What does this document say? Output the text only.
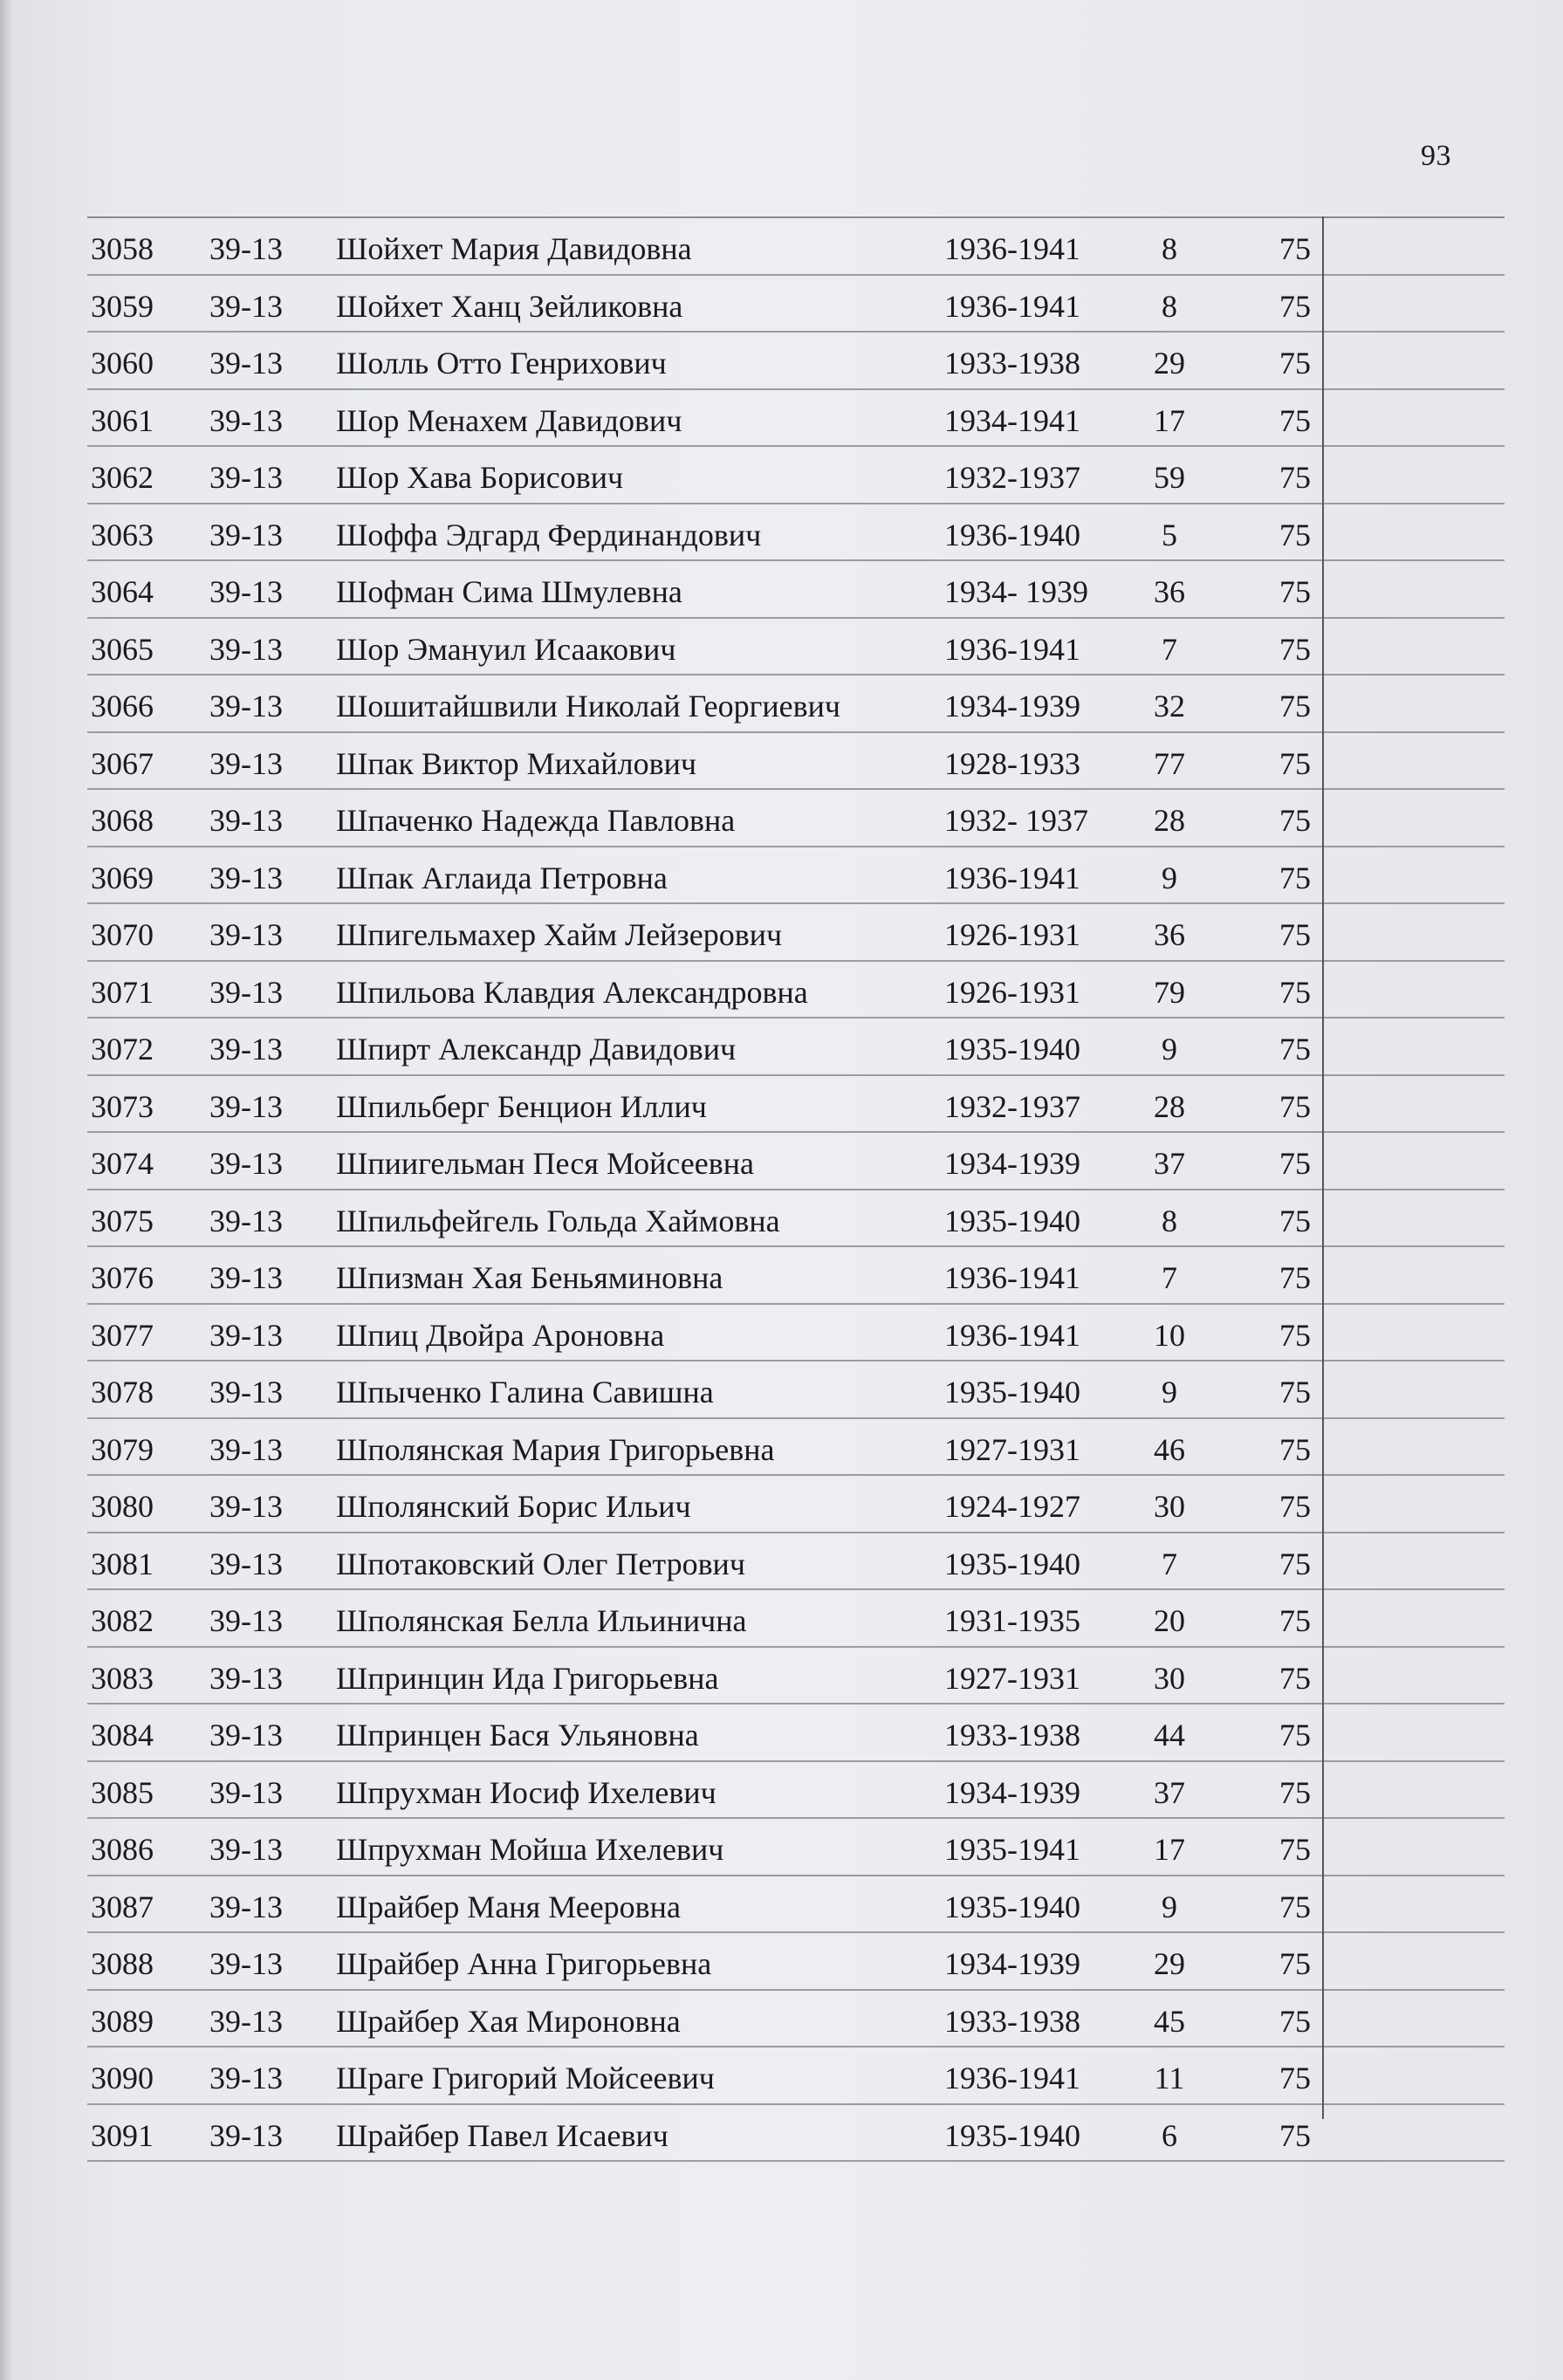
93
3058 39-13 Шойхет Мария Давидовна	1936-1941	8	75
3059 39-13 Шойхет Ханц Зейликовна	1936-1941	8	75
3060 39-13 Шолль Отто Генрихович	1933-1938	29	75
3061 39-13 Шор Менахем Давидович	1934-1941	17	75
3062 39-13 Шор Хава Борисович	1932-1937	59	75
3063 39-13 Шоффа Эдгард Фердинандович	1936-1940	5	75
3064 39-13 Шофман Сима Шмулевна	1934- 1939	36	75
3065 39-13 Шор Эмануил Исаакович	1936-1941	7	75
3066 39-13 Шошитайшвили Николай Георгиевич	1934-1939	32	75
3067 39-13 Шпак Виктор Михайлович	1928-1933	77	75
3068 39-13 Шпаченко Надежда Павловна	1932- 1937	28	75
3069 39-13 Шпак Аглаида Петровна	1936-1941	9	75
3070 39-13 Шпигельмахер Хайм Лейзерович	1926-1931	36	75
3071 39-13 Шпильова Клавдия Александровна	1926-1931	79	75
3072 39-13 Шпирт Александр Давидович	1935-1940	9	75
3073 39-13 Шпильберг Бенцион Иллич	1932-1937	28	75
3074 39-13 Шпиигельман Песя Мойсеевна	1934-1939	37	75
3075 39-13 Шпильфейгель Гольда Хаймовна	1935-1940	8	75
3076 39-13 Шпизман Хая Беньяминовна	1936-1941	7	75
3077 39-13 Шпиц Двойра Ароновна	1936-1941	10	75
3078 39-13 Шпыченко Галина Савишна	1935-1940	9	75
3079 39-13 Шполянская Мария Григорьевна	1927-1931	46	75
3080 39-13 Шполянский Борис Ильич	1924-1927	30	75
3081 39-13 Шпотаковский Олег Петрович	1935-1940	7	75
3082 39-13 Шполянская Белла Ильинична	1931-1935	20	75
3083 39-13 Шпринцин Ида Григорьевна	1927-1931	30	75
3084 39-13 Шпринцен Бася Ульяновна	1933-1938	44	75
3085 39-13 Шпрухман Иосиф Ихелевич	1934-1939	37	75
3086 39-13 Шпрухман Мойша Ихелевич	1935-1941	17	75
3087 39-13 Шрайбер Маня Мееровна	1935-1940	9	75
3088 39-13 Шрайбер Анна Григорьевна	1934-1939	29	75
3089 39-13 Шрайбер Хая Мироновна	1933-1938	45	75
3090 39-13 Шраге Григорий Мойсеевич	1936-1941	11	75
3091 39-13 Шрайбер Павел Исаевич	1935-1940	6	75
